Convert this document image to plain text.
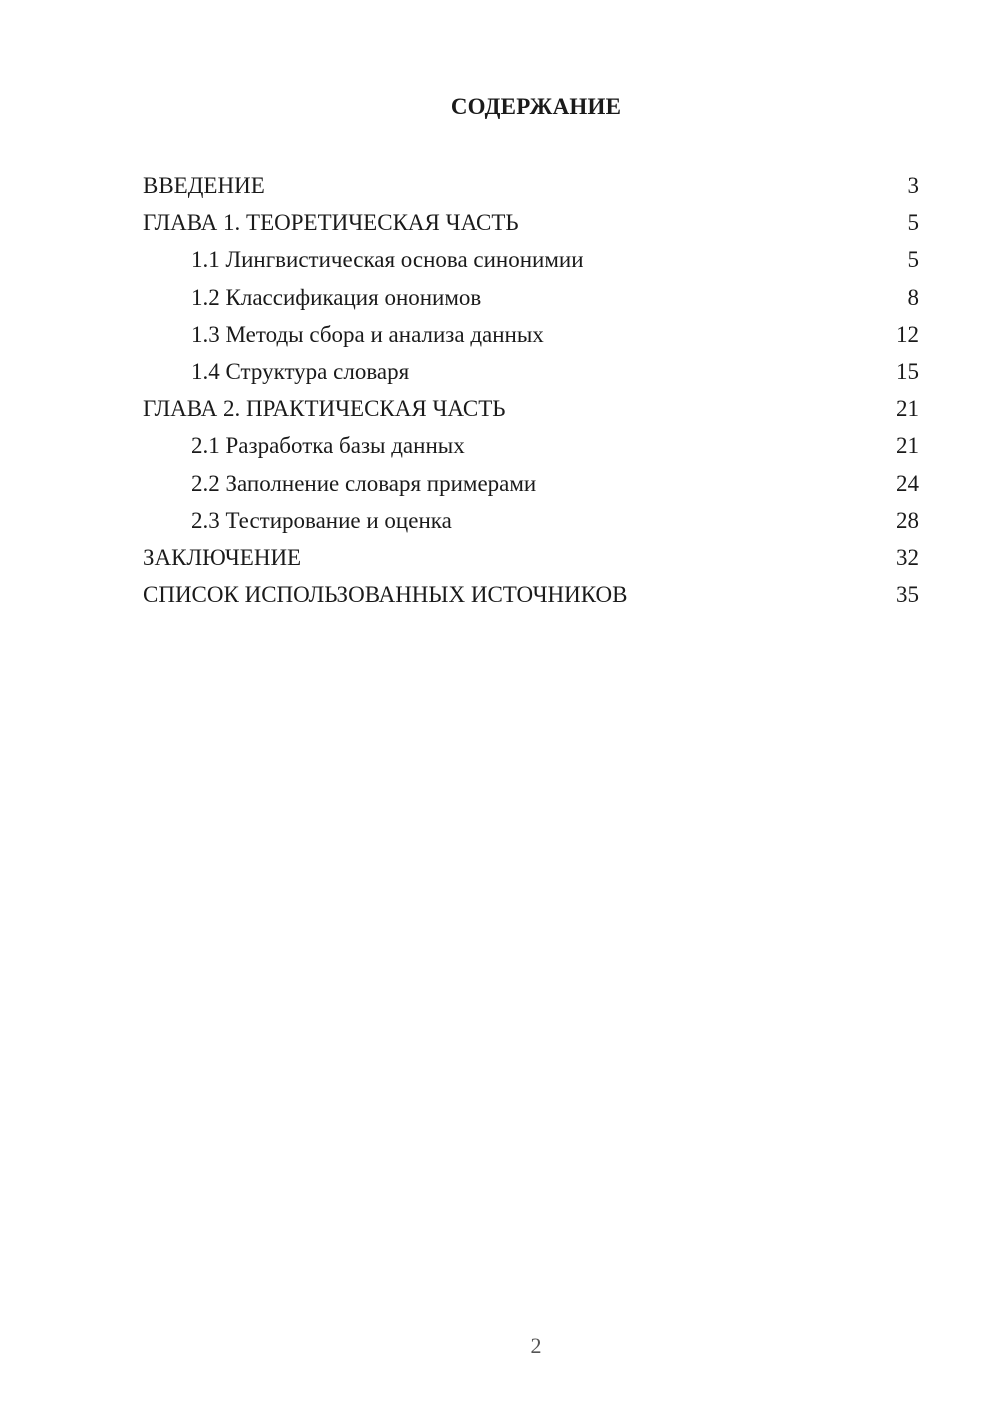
СОДЕРЖАНИЕ
ВВЕДЕНИЕ	3
ГЛАВА 1. ТЕОРЕТИЧЕСКАЯ ЧАСТЬ	5
1.1 Лингвистическая основа синонимии	5
1.2 Классификация ононимов	8
1.3 Методы сбора и анализа данных	12
1.4 Структура словаря	15
ГЛАВА 2. ПРАКТИЧЕСКАЯ ЧАСТЬ	21
2.1 Разработка базы данных	21
2.2 Заполнение словаря примерами	24
2.3 Тестирование и оценка	28
ЗАКЛЮЧЕНИЕ	32
СПИСОК ИСПОЛЬЗОВАННЫХ ИСТОЧНИКОВ	35
2
